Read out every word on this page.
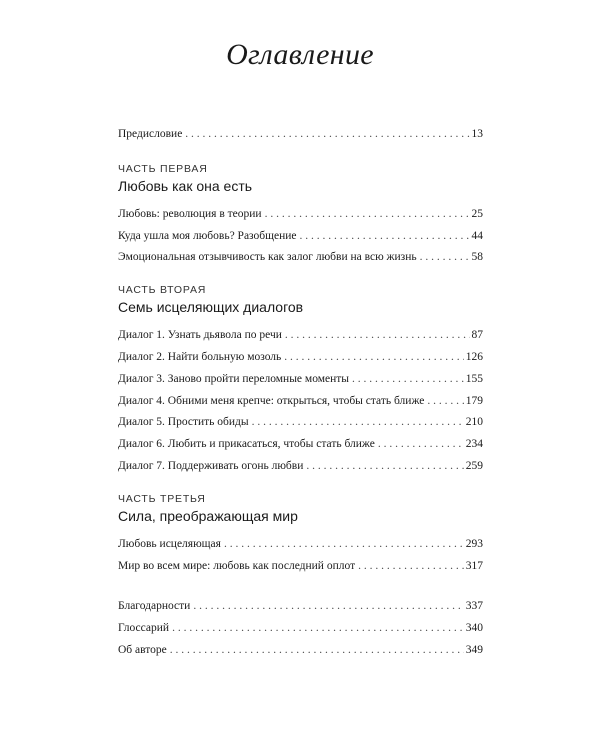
Оглавление
Предисловие . . .	13
ЧАСТЬ ПЕРВАЯ
Любовь как она есть
Любовь: революция в теории . . .	25
Куда ушла моя любовь? Разобщение . . .	44
Эмоциональная отзывчивость как залог любви на всю жизнь . . .	58
ЧАСТЬ ВТОРАЯ
Семь исцеляющих диалогов
Диалог 1. Узнать дьявола по речи . . .	87
Диалог 2. Найти больную мозоль . . .	126
Диалог 3. Заново пройти переломные моменты . . .	155
Диалог 4. Обними меня крепче: открыться, чтобы стать ближе . . .	179
Диалог 5. Простить обиды . . .	210
Диалог 6. Любить и прикасаться, чтобы стать ближе . . .	234
Диалог 7. Поддерживать огонь любви . . .	259
ЧАСТЬ ТРЕТЬЯ
Сила, преображающая мир
Любовь исцеляющая . . .	293
Мир во всем мире: любовь как последний оплот . . .	317
Благодарности . . .	337
Глоссарий . . .	340
Об авторе . . .	349
